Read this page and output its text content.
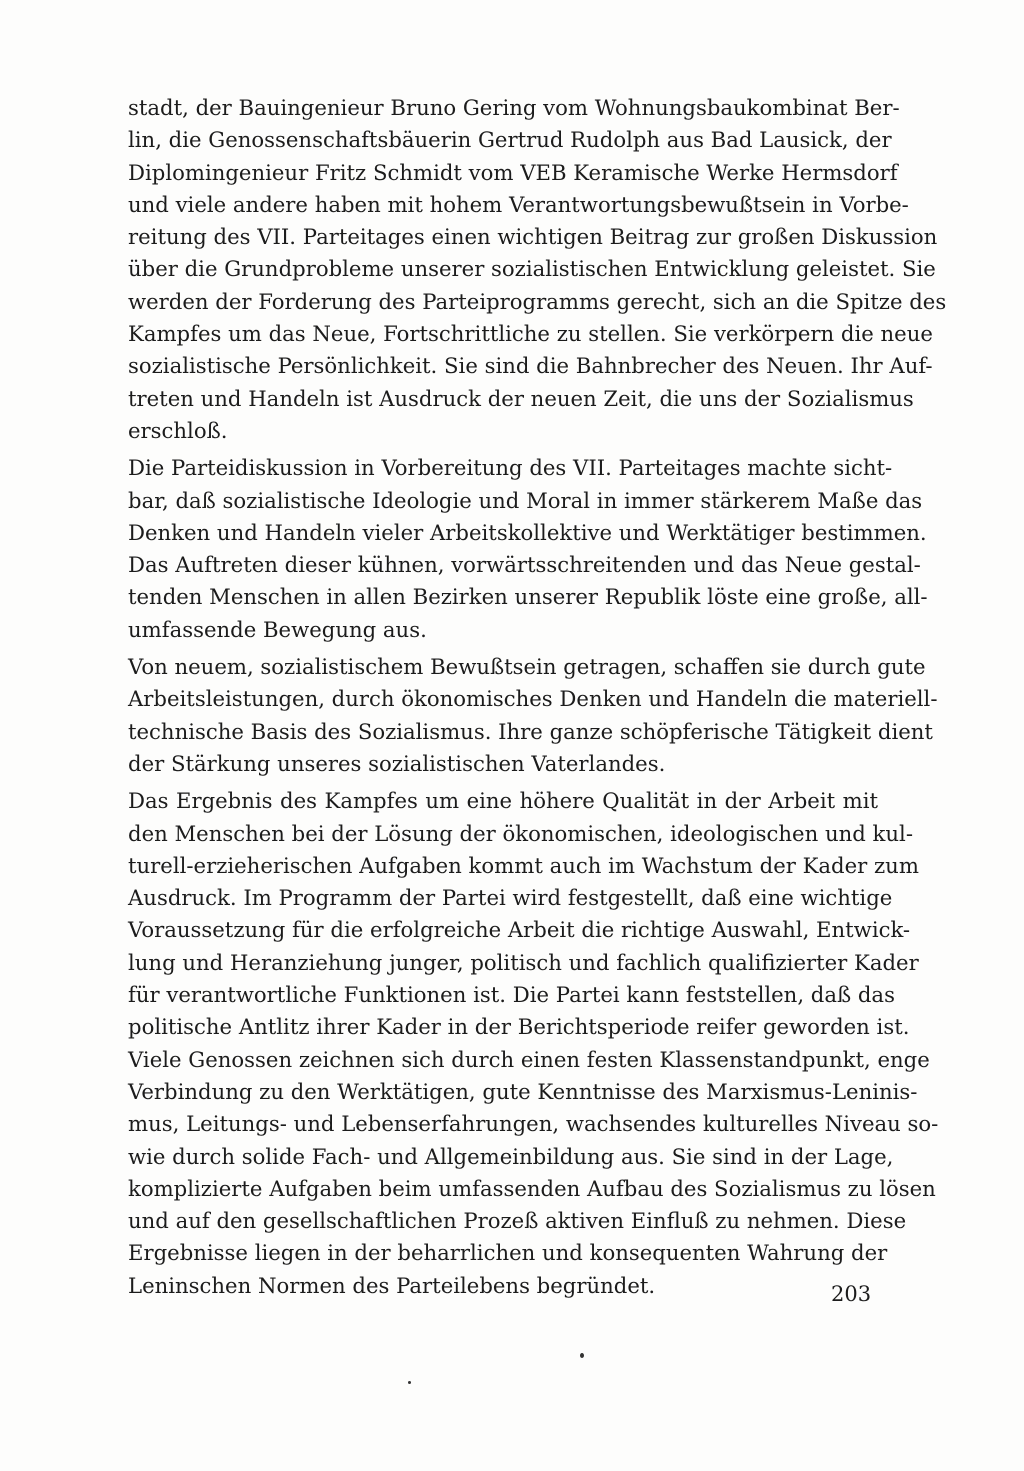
stadt, der Bauingenieur Bruno Gering vom Wohnungsbaukombinat Ber-
lin, die Genossenschaftsbäuerin Gertrud Rudolph aus Bad Lausick, der
Diplomingenieur Fritz Schmidt vom VEB Keramische Werke Hermsdorf
und viele andere haben mit hohem Verantwortungsbewußtsein in Vorbe-
reitung des VII. Parteitages einen wichtigen Beitrag zur großen Diskussion
über die Grundprobleme unserer sozialistischen Entwicklung geleistet. Sie
werden der Forderung des Parteiprogramms gerecht, sich an die Spitze des
Kampfes um das Neue, Fortschrittliche zu stellen. Sie verkörpern die neue
sozialistische Persönlichkeit. Sie sind die Bahnbrecher des Neuen. Ihr Auf-
treten und Handeln ist Ausdruck der neuen Zeit, die uns der Sozialismus
erschloß.
Die Parteidiskussion in Vorbereitung des VII. Parteitages machte sicht-
bar, daß sozialistische Ideologie und Moral in immer stärkerem Maße das
Denken und Handeln vieler Arbeitskollektive und Werktätiger bestimmen.
Das Auftreten dieser kühnen, vorwärtsschreitenden und das Neue gestal-
tenden Menschen in allen Bezirken unserer Republik löste eine große, all-
umfassende Bewegung aus.
Von neuem, sozialistischem Bewußtsein getragen, schaffen sie durch gute
Arbeitsleistungen, durch ökonomisches Denken und Handeln die materiell-
technische Basis des Sozialismus. Ihre ganze schöpferische Tätigkeit dient
der Stärkung unseres sozialistischen Vaterlandes.
Das Ergebnis des Kampfes um eine höhere Qualität in der Arbeit mit
den Menschen bei der Lösung der ökonomischen, ideologischen und kul-
turell-erzieherischen Aufgaben kommt auch im Wachstum der Kader zum
Ausdruck. Im Programm der Partei wird festgestellt, daß eine wichtige
Voraussetzung für die erfolgreiche Arbeit die richtige Auswahl, Entwick-
lung und Heranziehung junger, politisch und fachlich qualifizierter Kader
für verantwortliche Funktionen ist. Die Partei kann feststellen, daß das
politische Antlitz ihrer Kader in der Berichtsperiode reifer geworden ist.
Viele Genossen zeichnen sich durch einen festen Klassenstandpunkt, enge
Verbindung zu den Werktätigen, gute Kenntnisse des Marxismus-Leninis-
mus, Leitungs- und Lebenserfahrungen, wachsendes kulturelles Niveau so-
wie durch solide Fach- und Allgemeinbildung aus. Sie sind in der Lage,
komplizierte Aufgaben beim umfassenden Aufbau des Sozialismus zu lösen
und auf den gesellschaftlichen Prozeß aktiven Einfluß zu nehmen. Diese
Ergebnisse liegen in der beharrlichen und konsequenten Wahrung der
Leninschen Normen des Parteilebens begründet.	203
